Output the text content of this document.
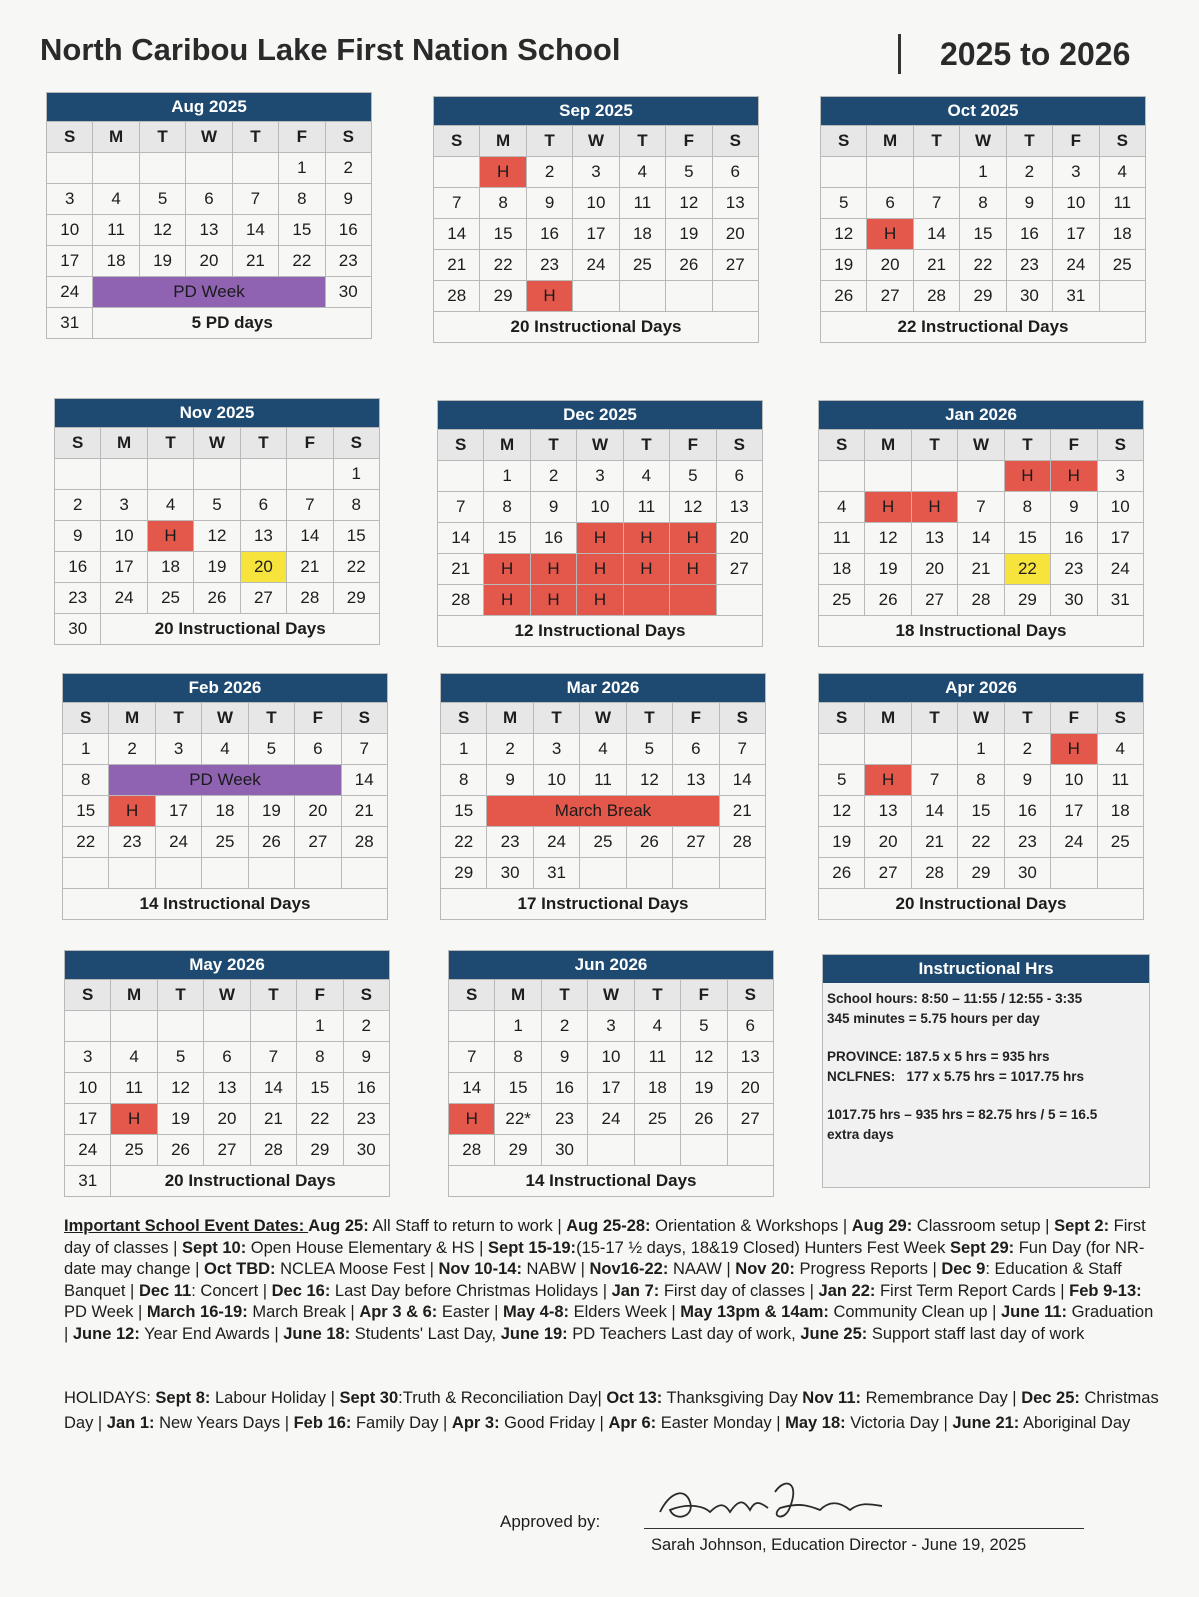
North Caribou Lake First Nation School	2025 to 2026
Aug 2025						
S	M	T	W	T	F	S
					1	2
3	4	5	6	7	8	9
10	11	12	13	14	15	16
17	18	19	20	21	22	23
24	PD Week					30
31	5 PD days					
Sep 2025						
S	M	T	W	T	F	S
	H	2	3	4	5	6
7	8	9	10	11	12	13
14	15	16	17	18	19	20
21	22	23	24	25	26	27
28	29	H				
20 Instructional Days						
Oct 2025						
S	M	T	W	T	F	S
			1	2	3	4
5	6	7	8	9	10	11
12	H	14	15	16	17	18
19	20	21	22	23	24	25
26	27	28	29	30	31	
22 Instructional Days						
Nov 2025						
S	M	T	W	T	F	S
						1
2	3	4	5	6	7	8
9	10	H	12	13	14	15
16	17	18	19	20	21	22
23	24	25	26	27	28	29
30	20 Instructional Days					
Dec 2025						
S	M	T	W	T	F	S
	1	2	3	4	5	6
7	8	9	10	11	12	13
14	15	16	H	H	H	20
21	H	H	H	H	H	27
28	H	H	H			
12 Instructional Days						
Jan 2026						
S	M	T	W	T	F	S
				H	H	3
4	H	H	7	8	9	10
11	12	13	14	15	16	17
18	19	20	21	22	23	24
25	26	27	28	29	30	31
18 Instructional Days						
Feb 2026						
S	M	T	W	T	F	S
1	2	3	4	5	6	7
8	PD Week					14
15	H	17	18	19	20	21
22	23	24	25	26	27	28

14 Instructional Days						
Mar 2026						
S	M	T	W	T	F	S
1	2	3	4	5	6	7
8	9	10	11	12	13	14
15	March Break					21
22	23	24	25	26	27	28
29	30	31				
17 Instructional Days						
Apr 2026						
S	M	T	W	T	F	S
			1	2	H	4
5	H	7	8	9	10	11
12	13	14	15	16	17	18
19	20	21	22	23	24	25
26	27	28	29	30		
20 Instructional Days						
May 2026						
S	M	T	W	T	F	S
					1	2
3	4	5	6	7	8	9
10	11	12	13	14	15	16
17	H	19	20	21	22	23
24	25	26	27	28	29	30
31	20 Instructional Days					
Jun 2026						
S	M	T	W	T	F	S
	1	2	3	4	5	6
7	8	9	10	11	12	13
14	15	16	17	18	19	20
H	22*	23	24	25	26	27
28	29	30				
14 Instructional Days						
Instructional Hrs
School hours: 8:50 – 11:55 / 12:55 - 3:35
345 minutes = 5.75 hours per day
PROVINCE: 187.5 x 5 hrs = 935 hrs
NCLFNES:   177 x 5.75 hrs = 1017.75 hrs
1017.75 hrs – 935 hrs = 82.75 hrs / 5 = 16.5
extra days
Important School Event Dates: Aug 25: All Staff to return to work | Aug 25-28: Orientation & Workshops | Aug 29: Classroom setup | Sept 2: First day of classes | Sept 10: Open House Elementary & HS | Sept 15-19:(15-17 ½ days, 18&19 Closed) Hunters Fest Week Sept 29: Fun Day (for NR-date may change | Oct TBD: NCLEA Moose Fest | Nov 10-14: NABW | Nov16-22: NAAW | Nov 20: Progress Reports | Dec 9: Education & Staff Banquet | Dec 11: Concert | Dec 16: Last Day before Christmas Holidays | Jan 7: First day of classes | Jan 22: First Term Report Cards | Feb 9-13: PD Week | March 16-19: March Break | Apr 3 & 6: Easter | May 4-8: Elders Week | May 13pm & 14am: Community Clean up | June 11: Graduation | June 12: Year End Awards | June 18: Students' Last Day, June 19: PD Teachers Last day of work, June 25: Support staff last day of work
HOLIDAYS: Sept 8: Labour Holiday | Sept 30:Truth & Reconciliation Day| Oct 13: Thanksgiving Day Nov 11: Remembrance Day | Dec 25: Christmas Day | Jan 1: New Years Days | Feb 16: Family Day | Apr 3: Good Friday | Apr 6: Easter Monday | May 18: Victoria Day | June 21: Aboriginal Day
Approved by:
Sarah Johnson, Education Director - June 19, 2025
